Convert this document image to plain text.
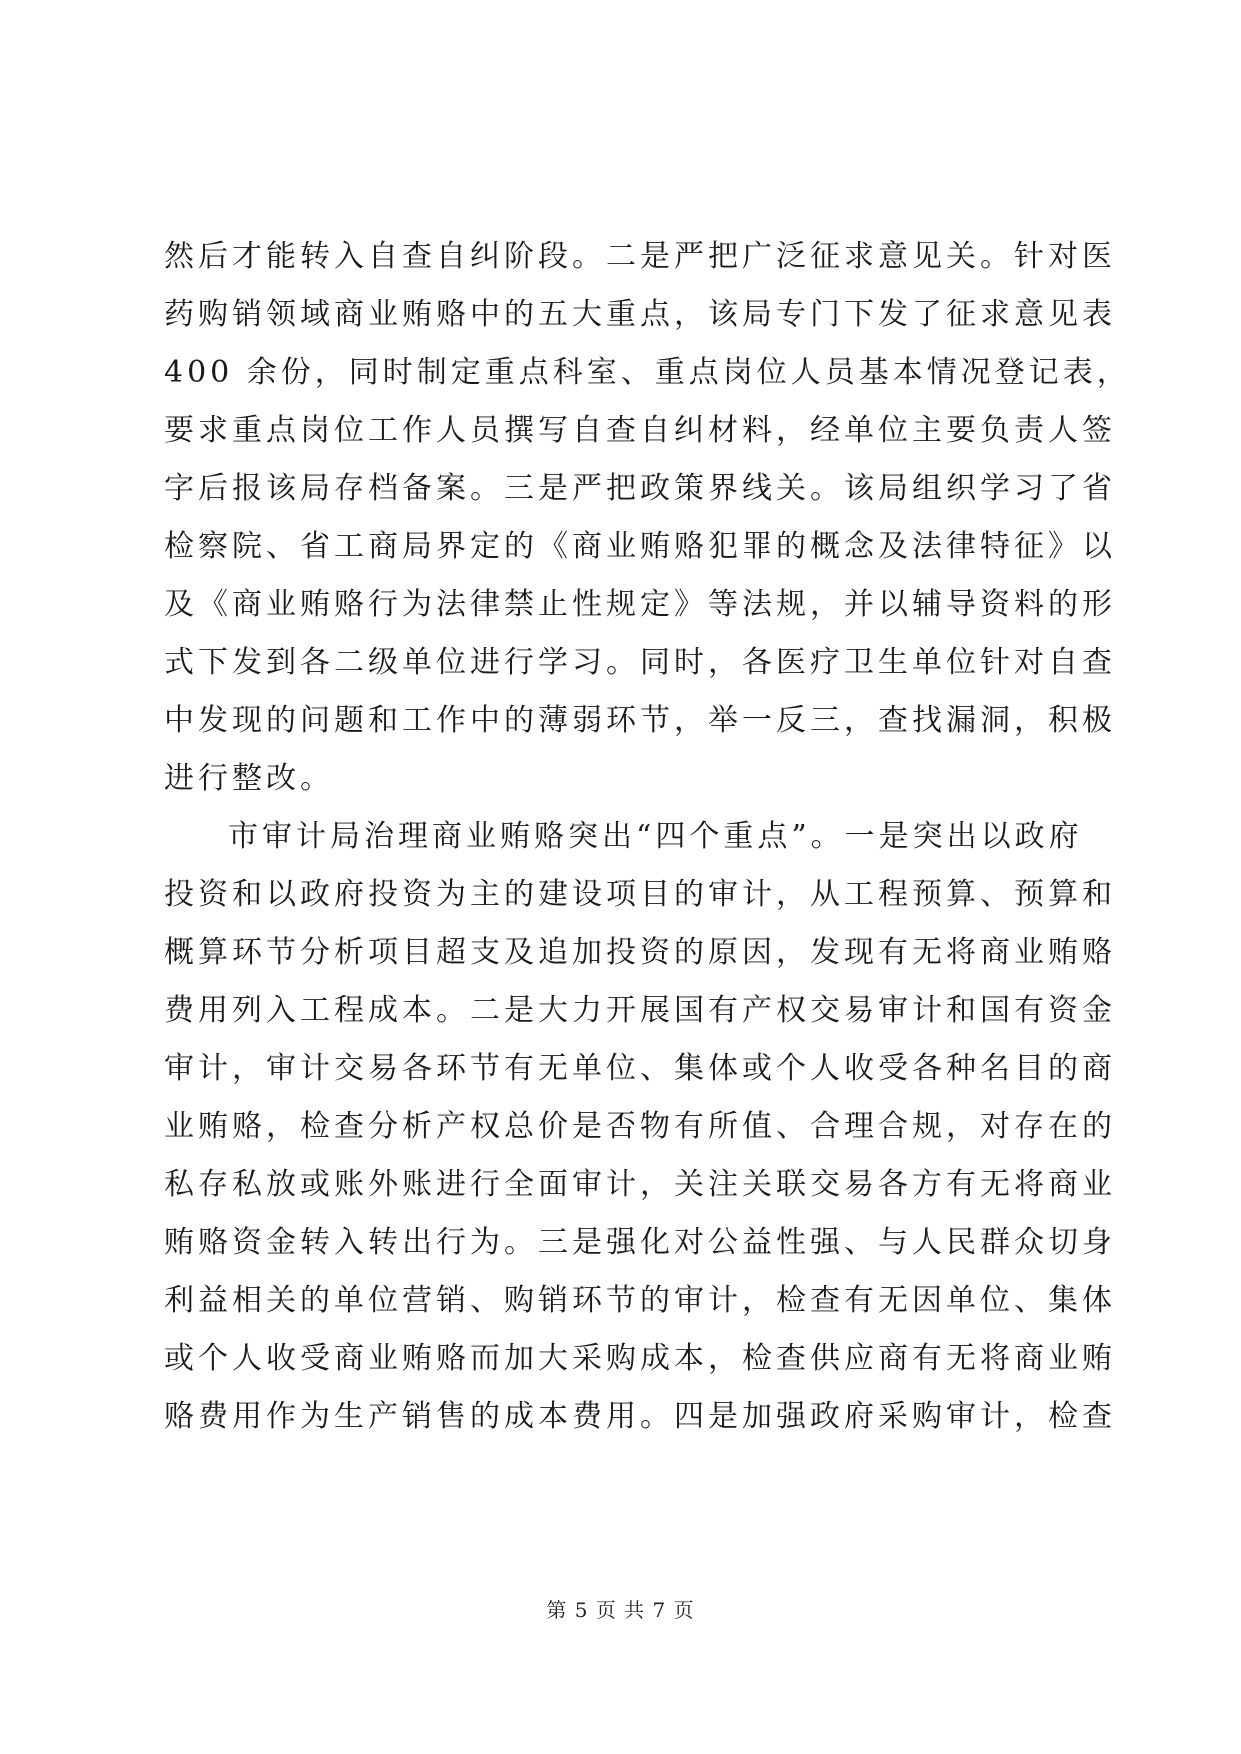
然后才能转入自查自纠阶段。二是严把广泛征求意见关。针对医
药购销领域商业贿赂中的五大重点，该局专门下发了征求意见表
400 余份，同时制定重点科室、重点岗位人员基本情况登记表，
要求重点岗位工作人员撰写自查自纠材料，经单位主要负责人签
字后报该局存档备案。三是严把政策界线关。该局组织学习了省
检察院、省工商局界定的《商业贿赂犯罪的概念及法律特征》以
及《商业贿赂行为法律禁止性规定》等法规，并以辅导资料的形
式下发到各二级单位进行学习。同时，各医疗卫生单位针对自查
中发现的问题和工作中的薄弱环节，举一反三，查找漏洞，积极
进行整改。
市审计局治理商业贿赂突出“四个重点”。一是突出以政府
投资和以政府投资为主的建设项目的审计，从工程预算、预算和
概算环节分析项目超支及追加投资的原因，发现有无将商业贿赂
费用列入工程成本。二是大力开展国有产权交易审计和国有资金
审计，审计交易各环节有无单位、集体或个人收受各种名目的商
业贿赂，检查分析产权总价是否物有所值、合理合规，对存在的
私存私放或账外账进行全面审计，关注关联交易各方有无将商业
贿赂资金转入转出行为。三是强化对公益性强、与人民群众切身
利益相关的单位营销、购销环节的审计，检查有无因单位、集体
或个人收受商业贿赂而加大采购成本，检查供应商有无将商业贿
赂费用作为生产销售的成本费用。四是加强政府采购审计，检查
第 5 页 共 7 页
